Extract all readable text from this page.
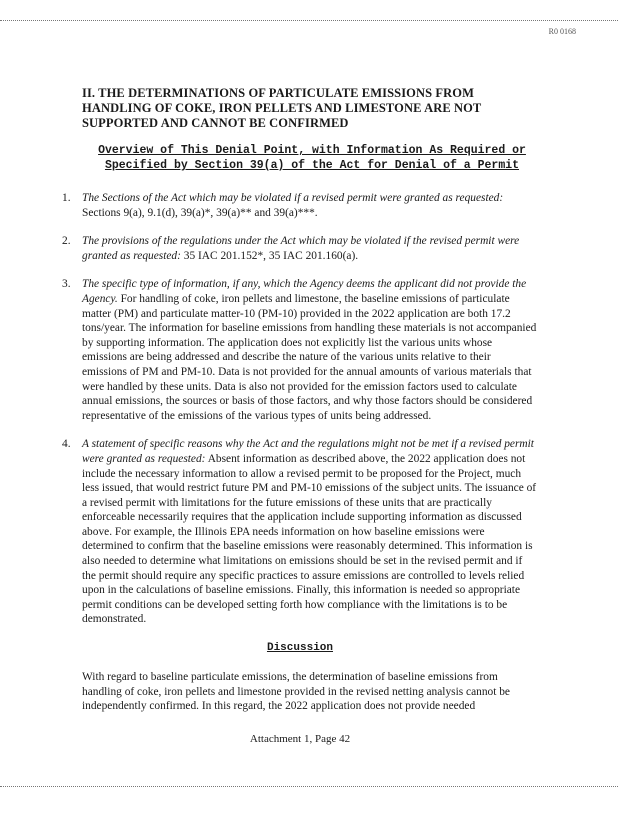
R0 0168
II. THE DETERMINATIONS OF PARTICULATE EMISSIONS FROM HANDLING OF COKE, IRON PELLETS AND LIMESTONE ARE NOT SUPPORTED AND CANNOT BE CONFIRMED
Overview of This Denial Point, with Information As Required or Specified by Section 39(a) of the Act for Denial of a Permit
1. The Sections of the Act which may be violated if a revised permit were granted as requested: Sections 9(a), 9.1(d), 39(a)*, 39(a)** and 39(a)***.
2. The provisions of the regulations under the Act which may be violated if the revised permit were granted as requested: 35 IAC 201.152*, 35 IAC 201.160(a).
3. The specific type of information, if any, which the Agency deems the applicant did not provide the Agency. For handling of coke, iron pellets and limestone, the baseline emissions of particulate matter (PM) and particulate matter-10 (PM-10) provided in the 2022 application are both 17.2 tons/year. The information for baseline emissions from handling these materials is not accompanied by supporting information. The application does not explicitly list the various units whose emissions are being addressed and describe the nature of the various units relative to their emissions of PM and PM-10. Data is not provided for the annual amounts of various materials that were handled by these units. Data is also not provided for the emission factors used to calculate annual emissions, the sources or basis of those factors, and why those factors should be considered representative of the emissions of the various types of units being addressed.
4. A statement of specific reasons why the Act and the regulations might not be met if a revised permit were granted as requested: Absent information as described above, the 2022 application does not include the necessary information to allow a revised permit to be proposed for the Project, much less issued, that would restrict future PM and PM-10 emissions of the subject units. The issuance of a revised permit with limitations for the future emissions of these units that are practically enforceable necessarily requires that the application include supporting information as discussed above. For example, the Illinois EPA needs information on how baseline emissions were determined to confirm that the baseline emissions were reasonably determined. This information is also needed to determine what limitations on emissions should be set in the revised permit and if the permit should require any specific practices to assure emissions are controlled to levels relied upon in the calculations of baseline emissions. Finally, this information is needed so appropriate permit conditions can be developed setting forth how compliance with the limitations is to be demonstrated.
Discussion
With regard to baseline particulate emissions, the determination of baseline emissions from handling of coke, iron pellets and limestone provided in the revised netting analysis cannot be independently confirmed. In this regard, the 2022 application does not provide needed
Attachment 1, Page 42
